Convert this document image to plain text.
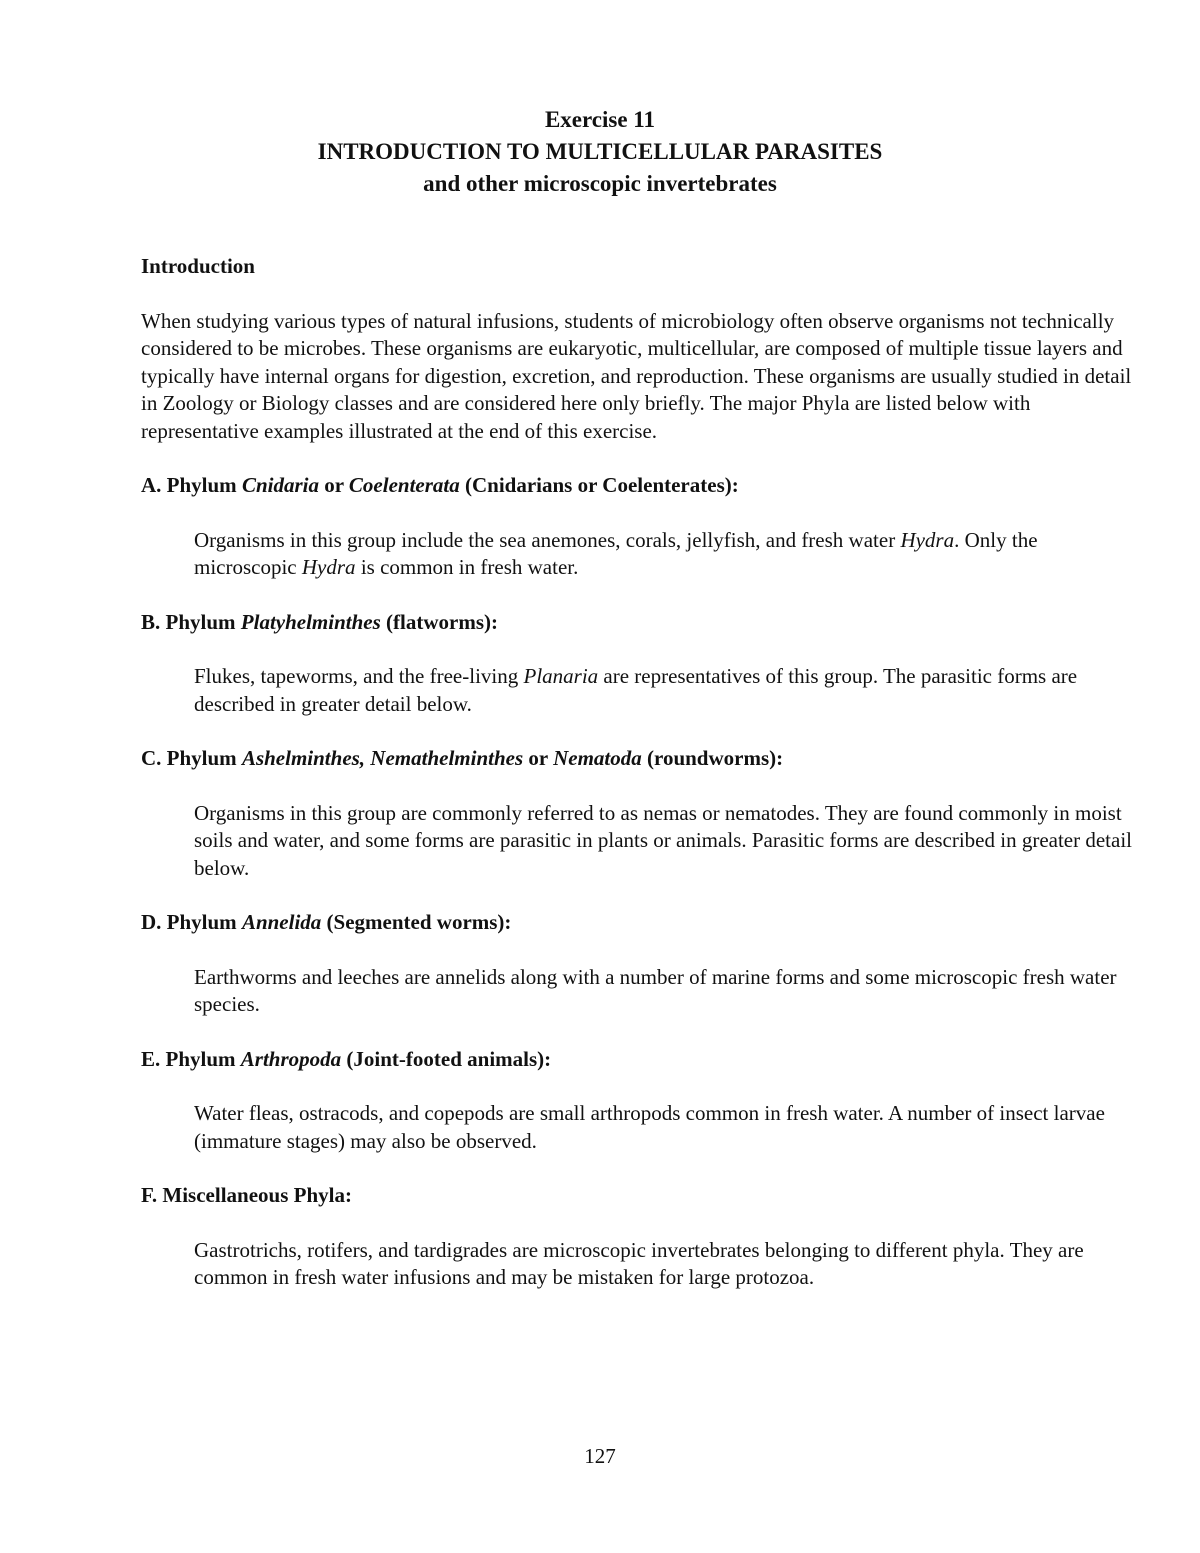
Exercise 11
INTRODUCTION TO MULTICELLULAR PARASITES
and other microscopic invertebrates

Introduction

When studying various types of natural infusions, students of microbiology often observe organisms not technically considered to be microbes. These organisms are eukaryotic, multicellular, are composed of multiple tissue layers and typically have internal organs for digestion, excretion, and reproduction. These organisms are usually studied in detail in Zoology or Biology classes and are considered here only briefly. The major Phyla are listed below with representative examples illustrated at the end of this exercise.

A. Phylum Cnidaria or Coelenterata (Cnidarians or Coelenterates):

Organisms in this group include the sea anemones, corals, jellyfish, and fresh water Hydra. Only the microscopic Hydra is common in fresh water.

B. Phylum Platyhelminthes (flatworms):

Flukes, tapeworms, and the free-living Planaria are representatives of this group. The parasitic forms are described in greater detail below.

C. Phylum Ashelminthes, Nemathelminthes or Nematoda (roundworms):

Organisms in this group are commonly referred to as nemas or nematodes. They are found commonly in moist soils and water, and some forms are parasitic in plants or animals. Parasitic forms are described in greater detail below.

D. Phylum Annelida (Segmented worms):

Earthworms and leeches are annelids along with a number of marine forms and some microscopic fresh water species.

E. Phylum Arthropoda (Joint-footed animals):

Water fleas, ostracods, and copepods are small arthropods common in fresh water. A number of insect larvae (immature stages) may also be observed.

F. Miscellaneous Phyla:

Gastrotrichs, rotifers, and tardigrades are microscopic invertebrates belonging to different phyla. They are common in fresh water infusions and may be mistaken for large protozoa.

127
